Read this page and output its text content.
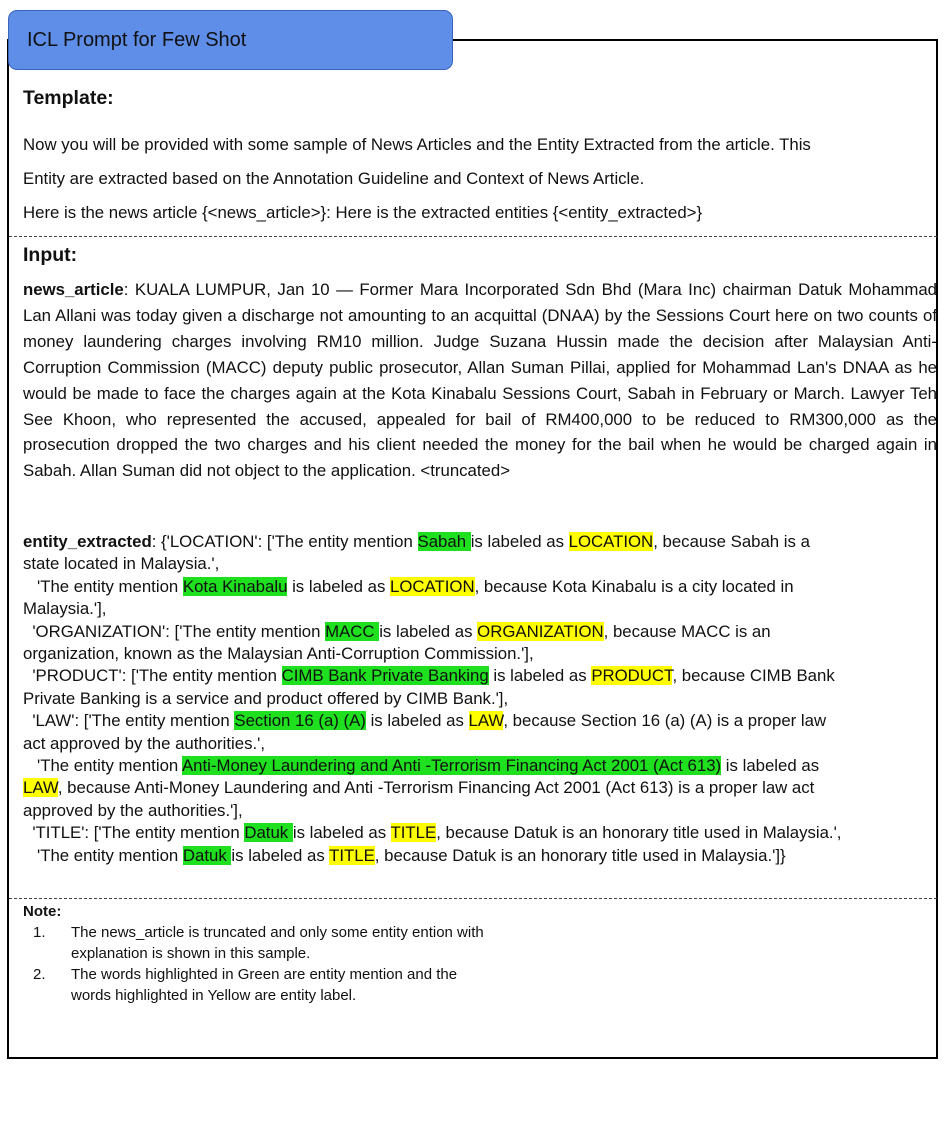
ICL Prompt for Few Shot
Template:
Now you will be provided with some sample of News Articles and the Entity Extracted from the article. This
Entity are extracted based on the Annotation Guideline and Context of News Article.
Here is the news article {<news_article>}: Here is the extracted entities {<entity_extracted>}
Input:
news_article: KUALA LUMPUR, Jan 10 — Former Mara Incorporated Sdn Bhd (Mara Inc) chairman Datuk Mohammad Lan Allani was today given a discharge not amounting to an acquittal (DNAA) by the Sessions Court here on two counts of money laundering charges involving RM10 million. Judge Suzana Hussin made the decision after Malaysian Anti-Corruption Commission (MACC) deputy public prosecutor, Allan Suman Pillai, applied for Mohammad Lan's DNAA as he would be made to face the charges again at the Kota Kinabalu Sessions Court, Sabah in February or March. Lawyer Teh See Khoon, who represented the accused, appealed for bail of RM400,000 to be reduced to RM300,000 as the prosecution dropped the two charges and his client needed the money for the bail when he would be charged again in Sabah. Allan Suman did not object to the application. <truncated>
entity_extracted: {'LOCATION': ['The entity mention Sabah is labeled as LOCATION, because Sabah is a
state located in Malaysia.',
'The entity mention Kota Kinabalu is labeled as LOCATION, because Kota Kinabalu is a city located in
Malaysia.'],
'ORGANIZATION': ['The entity mention MACC is labeled as ORGANIZATION, because MACC is an
organization, known as the Malaysian Anti-Corruption Commission.'],
'PRODUCT': ['The entity mention CIMB Bank Private Banking is labeled as PRODUCT, because CIMB Bank
Private Banking is a service and product offered by CIMB Bank.'],
'LAW': ['The entity mention Section 16 (a) (A) is labeled as LAW, because Section 16 (a) (A) is a proper law
act approved by the authorities.',
'The entity mention Anti-Money Laundering and Anti -Terrorism Financing Act 2001 (Act 613) is labeled as
LAW, because Anti-Money Laundering and Anti -Terrorism Financing Act 2001 (Act 613) is a proper law act
approved by the authorities.'],
'TITLE': ['The entity mention Datuk is labeled as TITLE, because Datuk is an honorary title used in Malaysia.',
'The entity mention Datuk is labeled as TITLE, because Datuk is an honorary title used in Malaysia.']}
Note:
1. The news_article is truncated and only some entity ention with explanation is shown in this sample.
2. The words highlighted in Green are entity mention and the words highlighted in Yellow are entity label.
